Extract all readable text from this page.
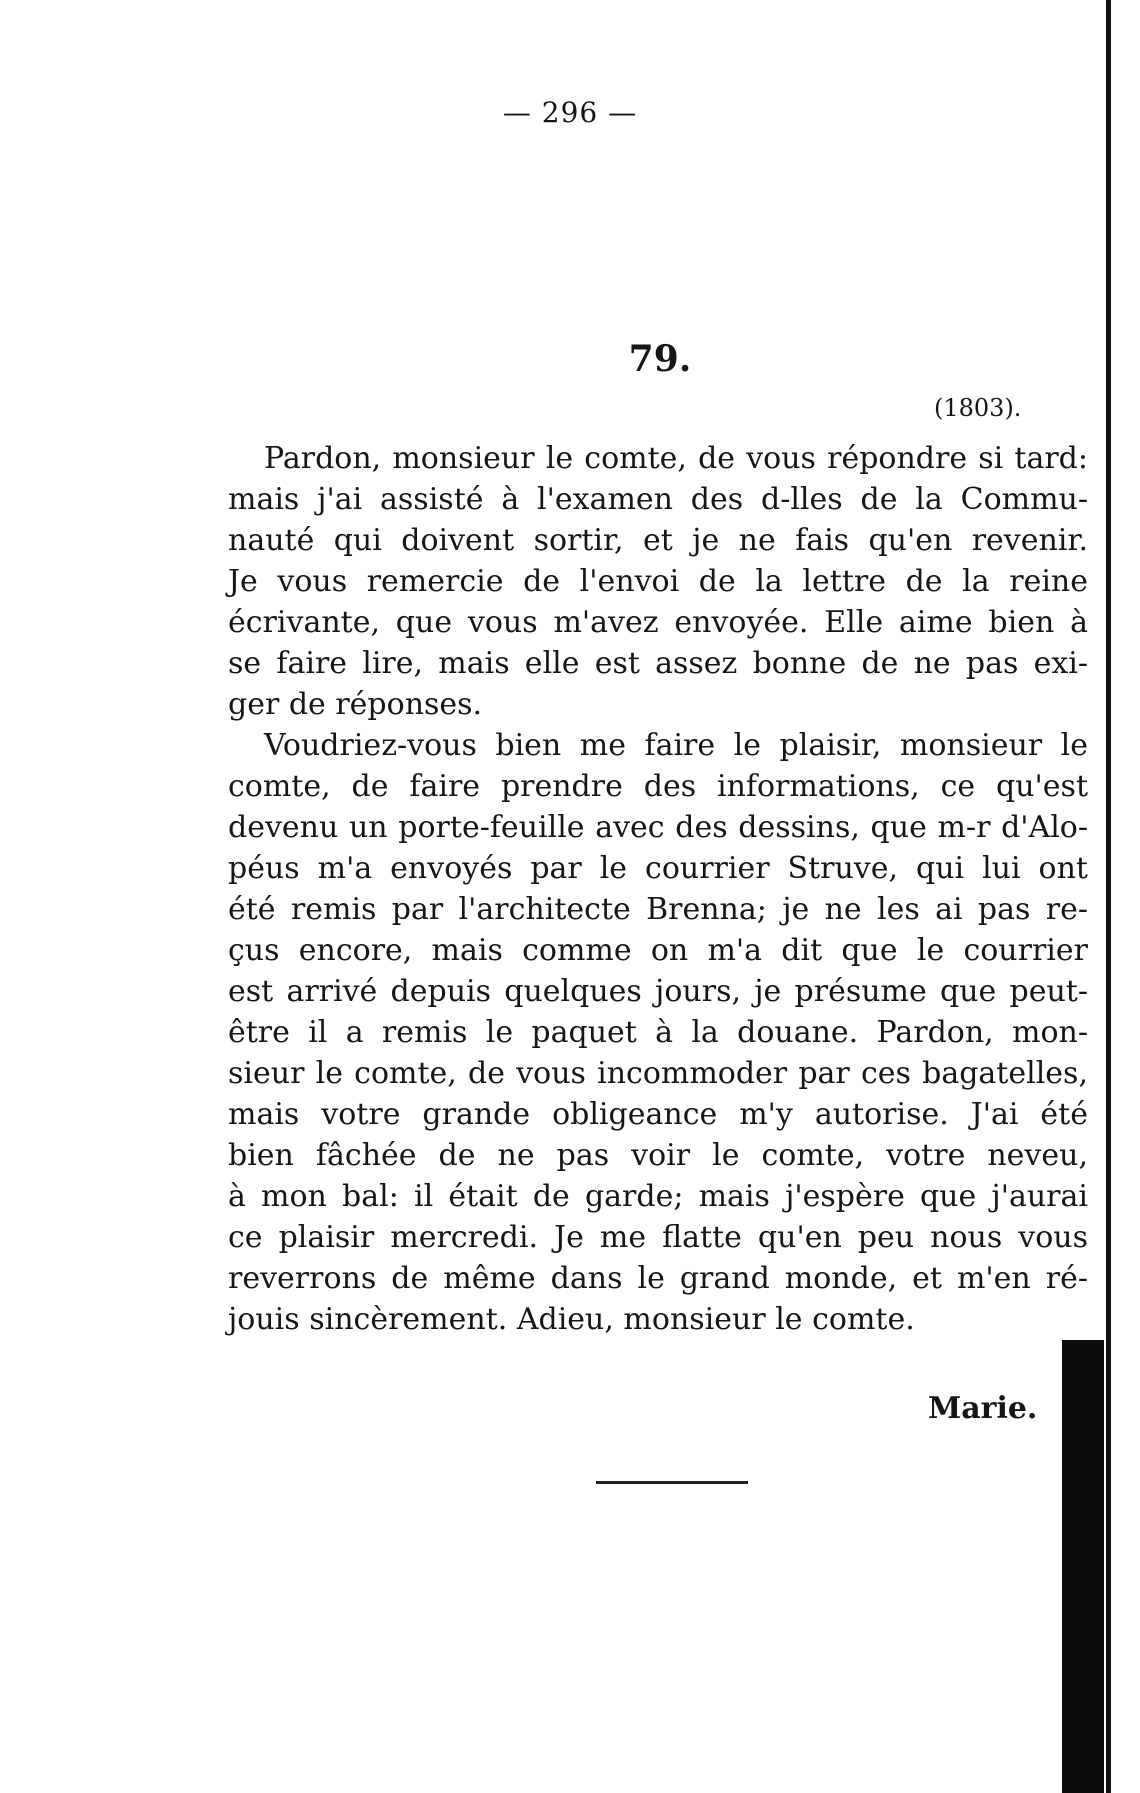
— 296 —
79.
(1803).
Pardon, monsieur le comte, de vous répondre si tard:
mais j'ai assisté à l'examen des d-lles de la Commu-
nauté qui doivent sortir, et je ne fais qu'en revenir.
Je vous remercie de l'envoi de la lettre de la reine
écrivante, que vous m'avez envoyée. Elle aime bien à
se faire lire, mais elle est assez bonne de ne pas exi-
ger de réponses.
Voudriez-vous bien me faire le plaisir, monsieur le
comte, de faire prendre des informations, ce qu'est
devenu un porte-feuille avec des dessins, que m-r d'Alo-
péus m'a envoyés par le courrier Struve, qui lui ont
été remis par l'architecte Brenna; je ne les ai pas re-
çus encore, mais comme on m'a dit que le courrier
est arrivé depuis quelques jours, je présume que peut-
être il a remis le paquet à la douane. Pardon, mon-
sieur le comte, de vous incommoder par ces bagatelles,
mais votre grande obligeance m'y autorise. J'ai été
bien fâchée de ne pas voir le comte, votre neveu,
à mon bal: il était de garde; mais j'espère que j'aurai
ce plaisir mercredi. Je me flatte qu'en peu nous vous
reverrons de même dans le grand monde, et m'en ré-
jouis sincèrement. Adieu, monsieur le comte.
Marie.
